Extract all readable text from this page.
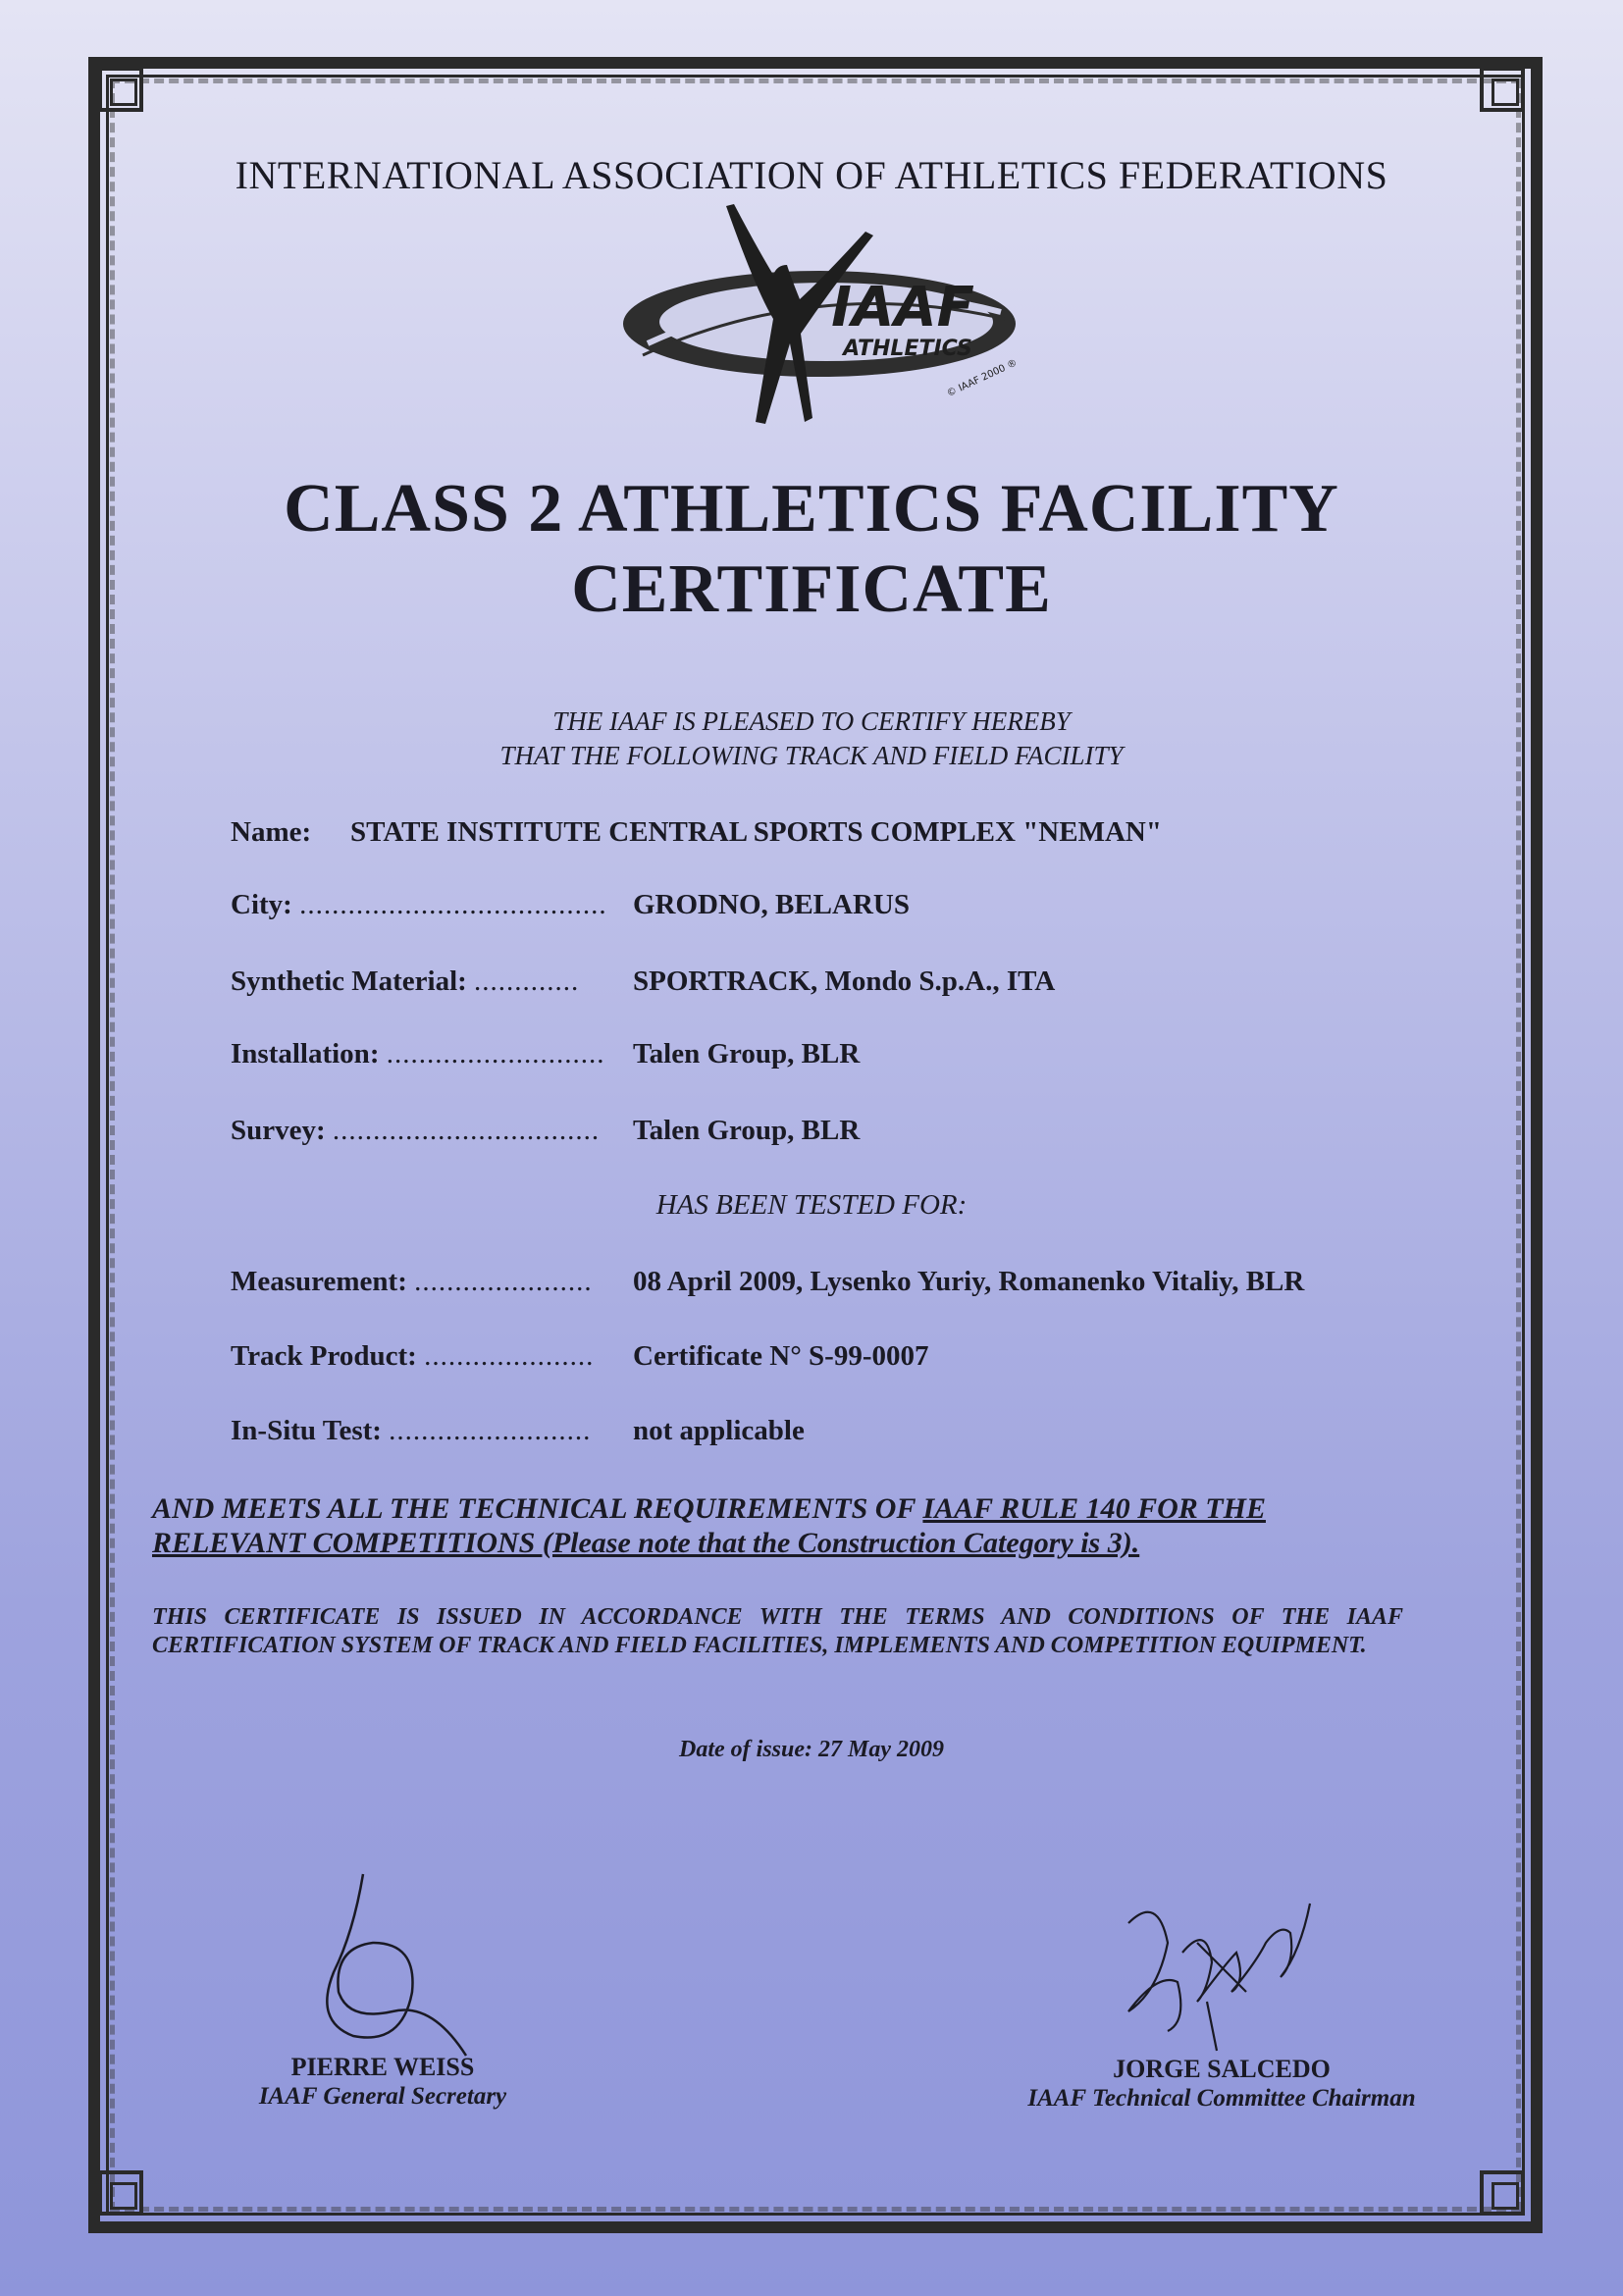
INTERNATIONAL ASSOCIATION OF ATHLETICS FEDERATIONS
IAAF
ATHLETICS
© IAAF 2000 ®
CLASS 2 ATHLETICS FACILITY
CERTIFICATE
THE IAAF IS PLEASED TO CERTIFY HEREBY
THAT THE FOLLOWING TRACK AND FIELD FACILITY
Name: STATE INSTITUTE CENTRAL SPORTS COMPLEX "NEMAN"
City: ...................................... GRODNO, BELARUS
Synthetic Material: ............. SPORTRACK, Mondo S.p.A., ITA
Installation: ........................... Talen Group, BLR
Survey: ................................. Talen Group, BLR
HAS BEEN TESTED FOR:
Measurement: ...................... 08 April 2009, Lysenko Yuriy, Romanenko Vitaliy, BLR
Track Product: ..................... Certificate N° S-99-0007
In-Situ Test: ......................... not applicable
AND MEETS ALL THE TECHNICAL REQUIREMENTS OF IAAF RULE 140 FOR THE
RELEVANT COMPETITIONS (Please note that the Construction Category is 3).
THIS CERTIFICATE IS ISSUED IN ACCORDANCE WITH THE TERMS AND CONDITIONS OF THE IAAF CERTIFICATION SYSTEM OF TRACK AND FIELD FACILITIES, IMPLEMENTS AND COMPETITION EQUIPMENT.
Date of issue: 27 May 2009
PIERRE WEISS
IAAF General Secretary
JORGE SALCEDO
IAAF Technical Committee Chairman
